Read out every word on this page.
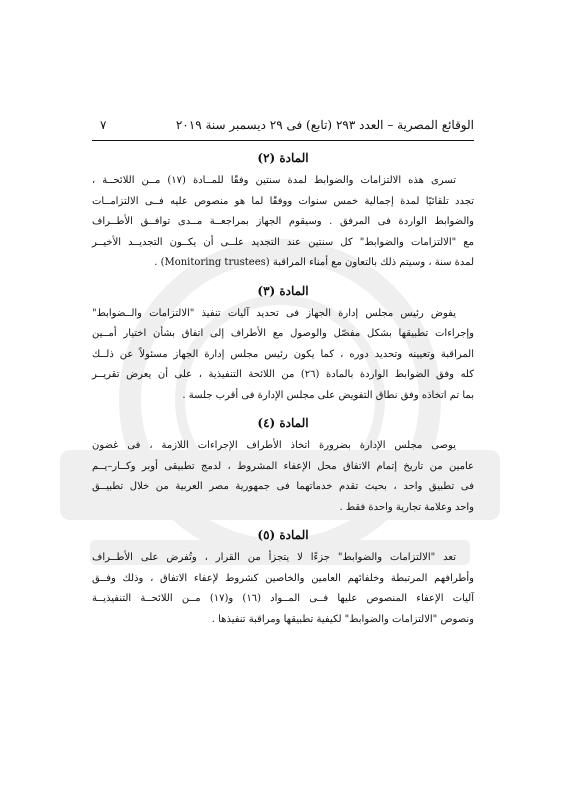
الوقائع المصرية – العدد ٢٩٣ (تابع) فى ٢٩ ديسمبر سنة ٢٠١٩
٧
المادة (٢)

تسرى هذه الالتزامات والضوابط لمدة سنتين وفقًا للمــادة (١٧) مــن اللائحــة ،
تجدد تلقائيًا لمدة إجمالية خمس سنوات ووفقًا لما هو منصوص عليه فــى الالتزامــات
والضوابط الواردة فى المرفق . وسيقوم الجهاز بمراجعــة مــدى توافــق الأطــراف
مع "الالتزامات والضوابط" كل سنتين عند التجديد علــى أن يكــون التجديــد الأخيــر
لمدة سنة ، وسيتم ذلك بالتعاون مع أمناء المراقبة (Monitoring trustees) .

المادة (٣)

يفوض رئيس مجلس إدارة الجهاز فى تحديد آليات تنفيذ "الالتزامات والــضوابط"
وإجراءات تطبيقها بشكل مفصّل والوصول مع الأطراف إلى اتفاق بشأن اختيار أمــين
المراقبة وتعيينه وتحديد دوره ، كما يكون رئيس مجلس إدارة الجهاز مسئولاً عن ذلــك
كله وفق الضوابط الواردة بالمادة (٢٦) من اللائحة التنفيذية ، على أن يعرض تقريــر
بما تم اتخاذه وفق نطاق التفويض على مجلس الإدارة فى أقرب جلسة .

المادة (٤)

يوصى مجلس الإدارة بضرورة اتخاذ الأطراف الإجراءات اللازمة ، فى غضون
عامين من تاريخ إتمام الاتفاق محل الإعفاء المشروط ، لدمج تطبيقى أوبر وكــار–يــم
فى تطبيق واحد ، بحيث تقدم خدماتهما فى جمهورية مصر العربية من خلال تطبيــق
واحد وعلامة تجارية واحدة فقط .

المادة (٥)

تعد "الالتزامات والضوابط" جزءًا لا يتجزأ من القرار ، وتُفرض على الأطــراف
وأطرافهم المرتبطة وخلفائهم العامين والخاصين كشروط لإعفاء الاتفاق ، وذلك وفــق
آليات الإعفاء المنصوص عليها فــى المــواد (١٦) و(١٧) مــن اللائحــة التنفيذيــة
ونصوص "الالتزامات والضوابط" لكيفية تطبيقها ومراقبة تنفيذها .
